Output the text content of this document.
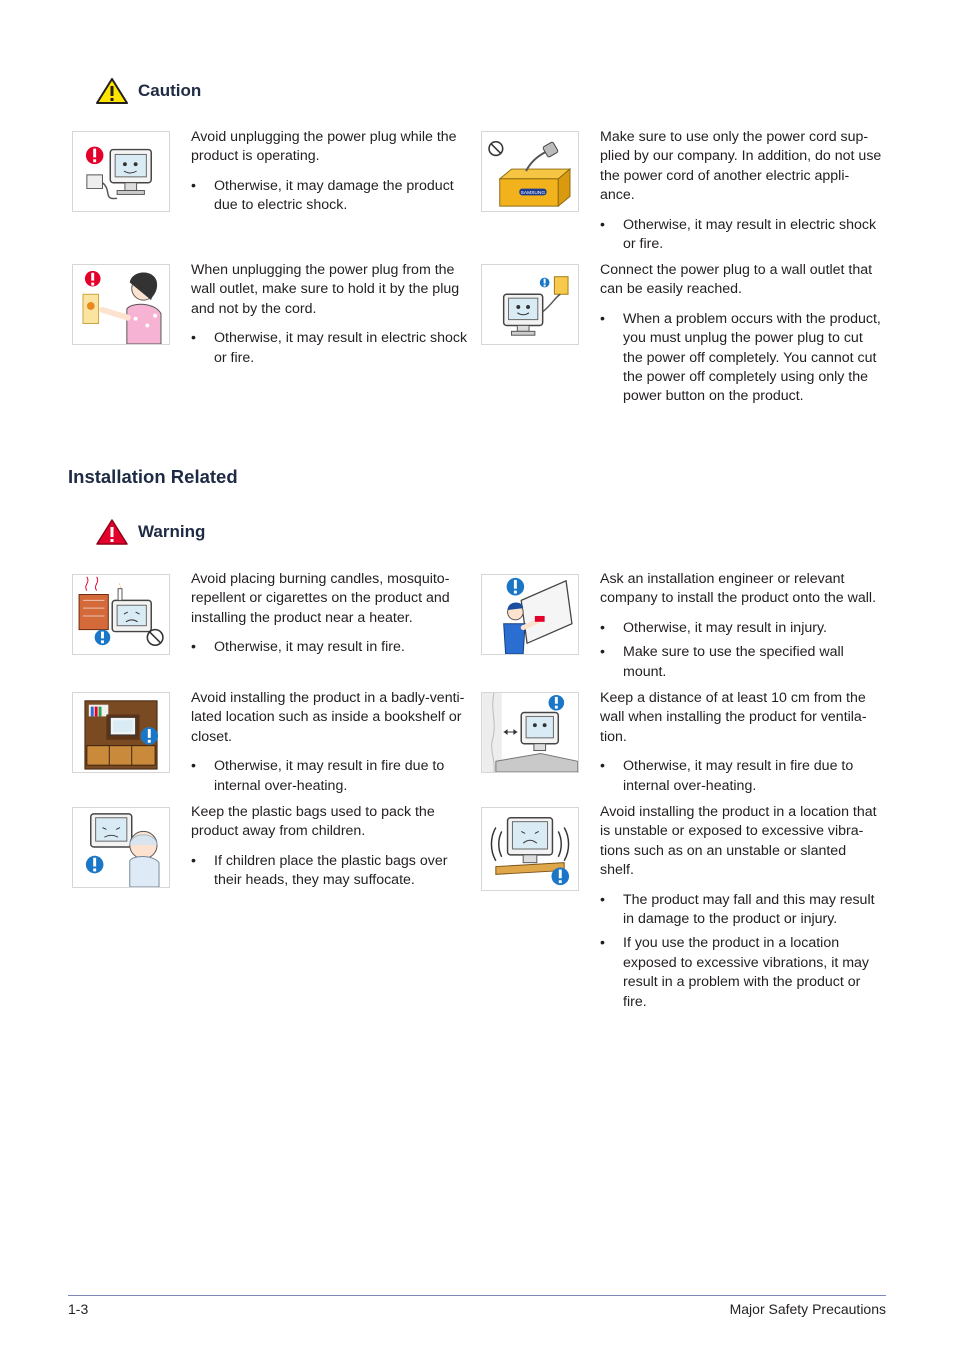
Caution

Avoid unplugging the power plug while the product is operating.

• Otherwise, it may damage the product due to electric shock.
SAMSUNG

Make sure to use only the power cord sup-plied by our company. In addition, do not use the power cord of another electric appli-ance.

• Otherwise, it may result in electric shock or fire.

When unplugging the power plug from the wall outlet, make sure to hold it by the plug and not by the cord.

• Otherwise, it may result in electric shock or fire.

Connect the power plug to a wall outlet that can be easily reached.

• When a problem occurs with the product, you must unplug the power plug to cut the power off completely. You cannot cut the power off completely using only the power button on the product.
Installation Related
Warning

Avoid placing burning candles, mosquito-repellent or cigarettes on the product and installing the product near a heater.

• Otherwise, it may result in fire.

Ask an installation engineer or relevant company to install the product onto the wall.

• Otherwise, it may result in injury.
• Make sure to use the specified wall mount.

Avoid installing the product in a badly-venti-lated location such as inside a bookshelf or closet.

• Otherwise, it may result in fire due to internal over-heating.

Keep a distance of at least 10 cm from the wall when installing the product for ventila-tion.

• Otherwise, it may result in fire due to internal over-heating.

Keep the plastic bags used to pack the product away from children.

• If children place the plastic bags over their heads, they may suffocate.

Avoid installing the product in a location that is unstable or exposed to excessive vibra-tions such as on an unstable or slanted shelf.

• The product may fall and this may result in damage to the product or injury.
• If you use the product in a location exposed to excessive vibrations, it may result in a problem with the product or fire.
1-3	Major Safety Precautions
